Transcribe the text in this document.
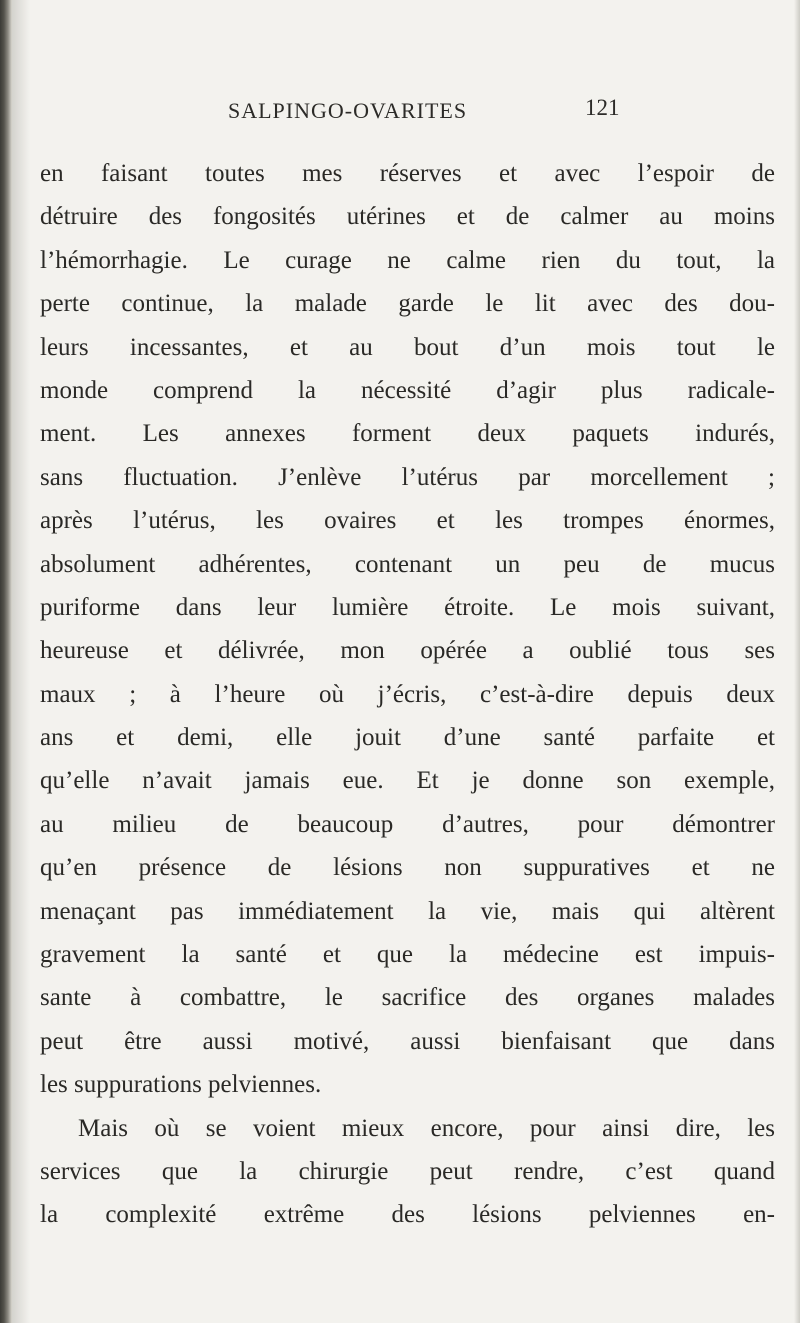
SALPINGO-OVARITES	121
en faisant toutes mes réserves et avec l’espoir de
détruire des fongosités utérines et de calmer au moins
l’hémorrhagie. Le curage ne calme rien du tout, la
perte continue, la malade garde le lit avec des dou-
leurs incessantes, et au bout d’un mois tout le
monde comprend la nécessité d’agir plus radicale-
ment. Les annexes forment deux paquets indurés,
sans fluctuation. J’enlève l’utérus par morcellement ;
après l’utérus, les ovaires et les trompes énormes,
absolument adhérentes, contenant un peu de mucus
puriforme dans leur lumière étroite. Le mois suivant,
heureuse et délivrée, mon opérée a oublié tous ses
maux ; à l’heure où j’écris, c’est-à-dire depuis deux
ans et demi, elle jouit d’une santé parfaite et
qu’elle n’avait jamais eue. Et je donne son exemple,
au milieu de beaucoup d’autres, pour démontrer
qu’en présence de lésions non suppuratives et ne
menaçant pas immédiatement la vie, mais qui altèrent
gravement la santé et que la médecine est impuis-
sante à combattre, le sacrifice des organes malades
peut être aussi motivé, aussi bienfaisant que dans
les suppurations pelviennes.
Mais où se voient mieux encore, pour ainsi dire, les
services que la chirurgie peut rendre, c’est quand
la complexité extrême des lésions pelviennes en-
